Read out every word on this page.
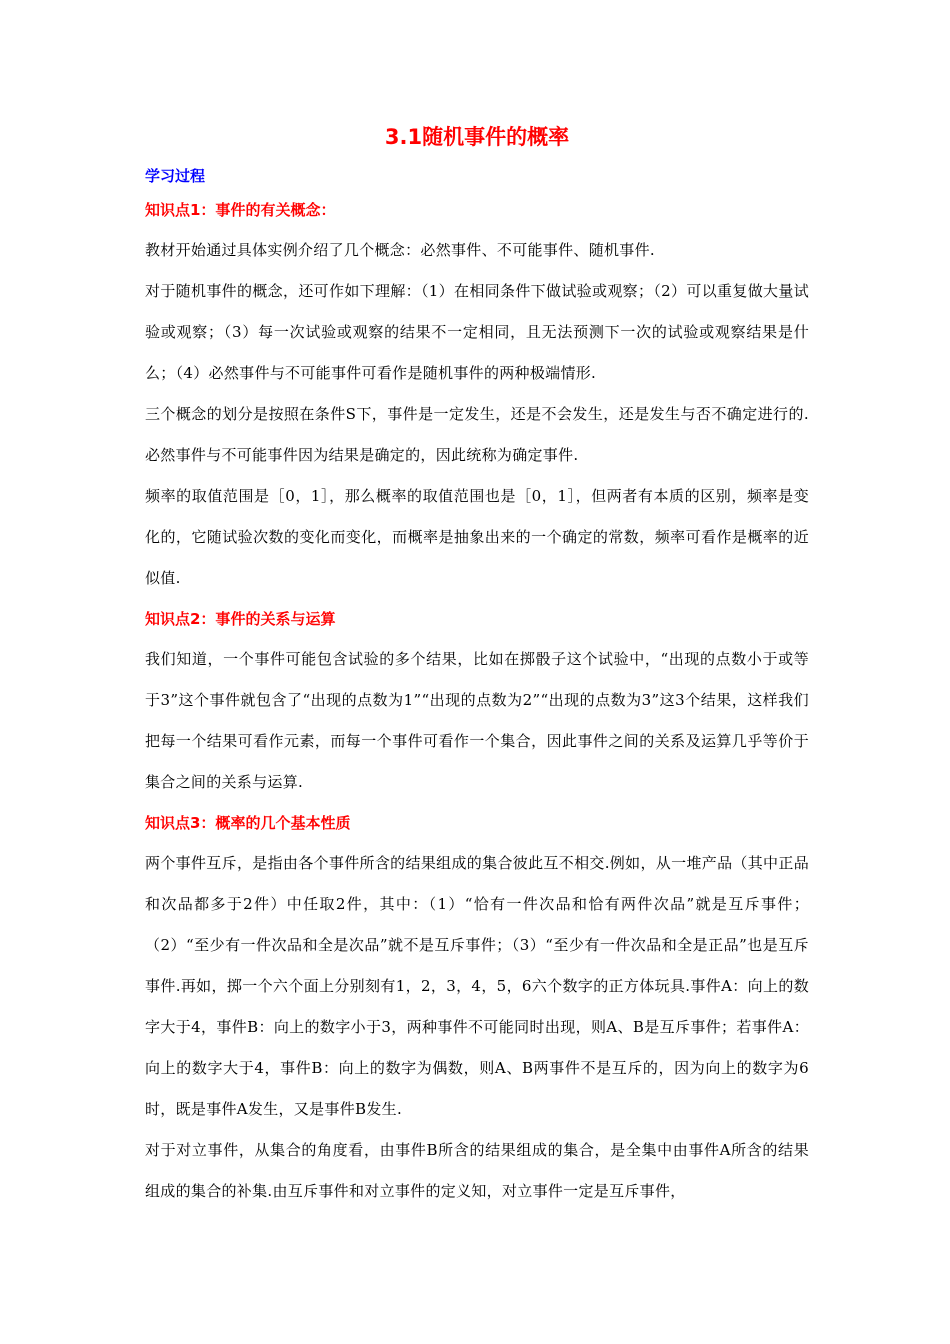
3.1随机事件的概率
学习过程
知识点1：事件的有关概念：

教材开始通过具体实例介绍了几个概念：必然事件、不可能事件、随机事件.

对于随机事件的概念，还可作如下理解：（1）在相同条件下做试验或观察；（2）可以重复做大量试验或观察；（3）每一次试验或观察的结果不一定相同，且无法预测下一次的试验或观察结果是什么；（4）必然事件与不可能事件可看作是随机事件的两种极端情形.

三个概念的划分是按照在条件S下，事件是一定发生，还是不会发生，还是发生与否不确定进行的.必然事件与不可能事件因为结果是确定的，因此统称为确定事件.

频率的取值范围是［0，1］，那么概率的取值范围也是［0，1］，但两者有本质的区别，频率是变化的，它随试验次数的变化而变化，而概率是抽象出来的一个确定的常数，频率可看作是概率的近似值.

知识点2：事件的关系与运算

我们知道，一个事件可能包含试验的多个结果，比如在掷骰子这个试验中，“出现的点数小于或等于3”这个事件就包含了“出现的点数为1”“出现的点数为2”“出现的点数为3”这3个结果，这样我们把每一个结果可看作元素，而每一个事件可看作一个集合，因此事件之间的关系及运算几乎等价于集合之间的关系与运算.

知识点3：概率的几个基本性质

两个事件互斥，是指由各个事件所含的结果组成的集合彼此互不相交.例如，从一堆产品（其中正品和次品都多于2件）中任取2件，其中：（1）“恰有一件次品和恰有两件次品”就是互斥事件；（2）“至少有一件次品和全是次品”就不是互斥事件；（3）“至少有一件次品和全是正品”也是互斥事件.再如，掷一个六个面上分别刻有1，2，3，4，5，6六个数字的正方体玩具.事件A：向上的数字大于4，事件B：向上的数字小于3，两种事件不可能同时出现，则A、B是互斥事件；若事件A：向上的数字大于4，事件B：向上的数字为偶数，则A、B两事件不是互斥的，因为向上的数字为6时，既是事件A发生，又是事件B发生.

对于对立事件，从集合的角度看，由事件B所含的结果组成的集合，是全集中由事件A所含的结果组成的集合的补集.由互斥事件和对立事件的定义知，对立事件一定是互斥事件，
